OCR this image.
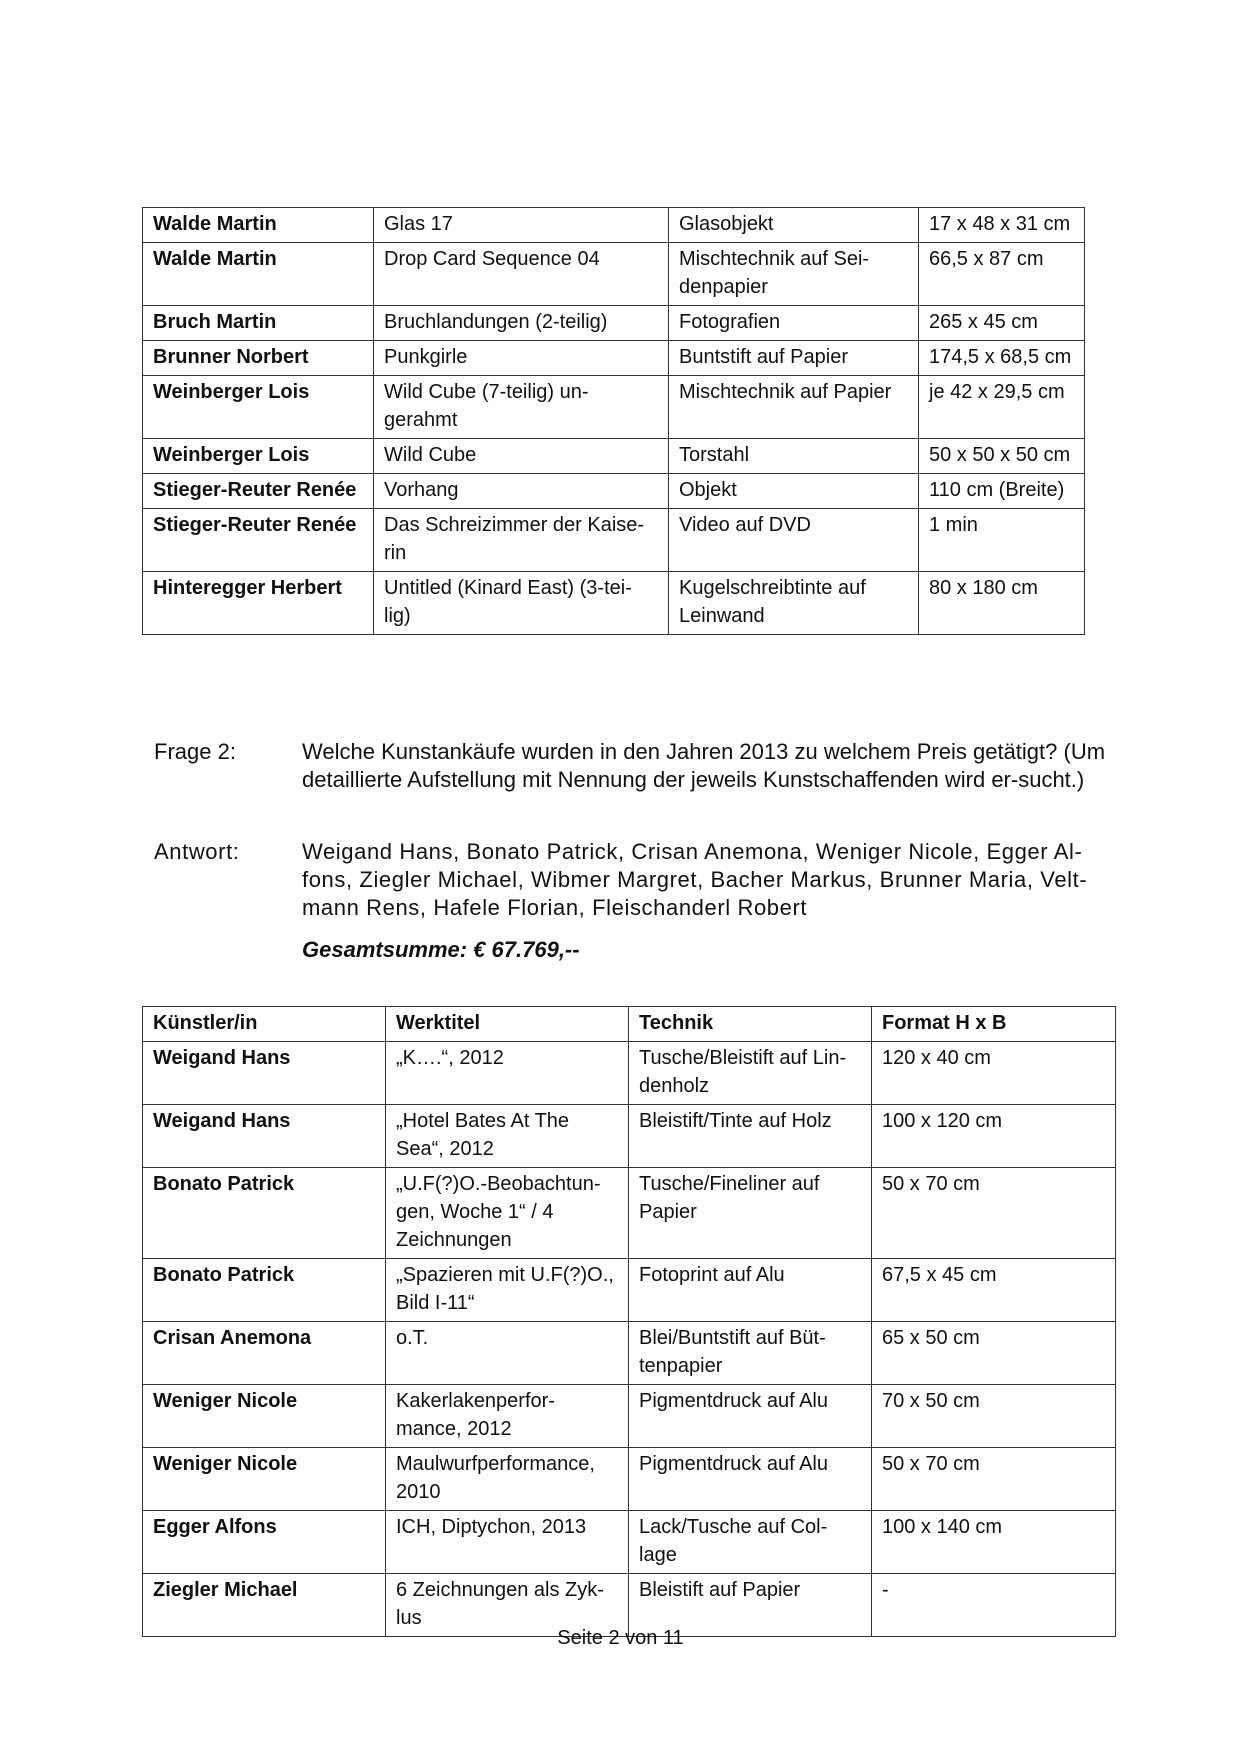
Walde Martin	Glas 17	Glasobjekt	17 x 48 x 31 cm
Walde Martin	Drop Card Sequence 04	Mischtechnik auf Sei-denpapier	66,5 x 87 cm
Bruch Martin	Bruchlandungen (2-teilig)	Fotografien	265 x 45 cm
Brunner Norbert	Punkgirle	Buntstift auf Papier	174,5 x 68,5 cm
Weinberger Lois	Wild Cube (7-teilig) un-gerahmt	Mischtechnik auf Papier	je 42 x 29,5 cm
Weinberger Lois	Wild Cube	Torstahl	50 x 50 x 50 cm
Stieger-Reuter Renée	Vorhang	Objekt	110 cm (Breite)
Stieger-Reuter Renée	Das Schreizimmer der Kaise-rin	Video auf DVD	1 min
Hinteregger Herbert	Untitled (Kinard East) (3-tei-lig)	Kugelschreibtinte auf Leinwand	80 x 180 cm
Frage 2:	Welche Kunstankäufe wurden in den Jahren 2013 zu welchem Preis getätigt? (Um detaillierte Aufstellung mit Nennung der jeweils Kunstschaffenden wird er-sucht.)
Antwort:	Weigand Hans, Bonato Patrick, Crisan Anemona, Weniger Nicole, Egger Al-fons, Ziegler Michael, Wibmer Margret, Bacher Markus, Brunner Maria, Velt-mann Rens, Hafele Florian, Fleischanderl Robert
Gesamtsumme: € 67.769,--
Künstler/in	Werktitel	Technik	Format H x B
Weigand Hans	„K….“, 2012	Tusche/Bleistift auf Lin-denholz	120 x 40 cm
Weigand Hans	„Hotel Bates At The Sea“, 2012	Bleistift/Tinte auf Holz	100 x 120 cm
Bonato Patrick	„U.F(?)O.-Beobachtun-gen, Woche 1“ / 4 Zeichnungen	Tusche/Fineliner auf Papier	50 x 70 cm
Bonato Patrick	„Spazieren mit U.F(?)O., Bild I-11“	Fotoprint auf Alu	67,5 x 45 cm
Crisan Anemona	o.T.	Blei/Buntstift auf Büt-tenpapier	65 x 50 cm
Weniger Nicole	Kakerlakenperfor-mance, 2012	Pigmentdruck auf Alu	70 x 50 cm
Weniger Nicole	Maulwurfperformance, 2010	Pigmentdruck auf Alu	50 x 70 cm
Egger Alfons	ICH, Diptychon, 2013	Lack/Tusche auf Col-lage	100 x 140 cm
Ziegler Michael	6 Zeichnungen als Zyk-lus	Bleistift auf Papier	-
Seite 2 von 11
